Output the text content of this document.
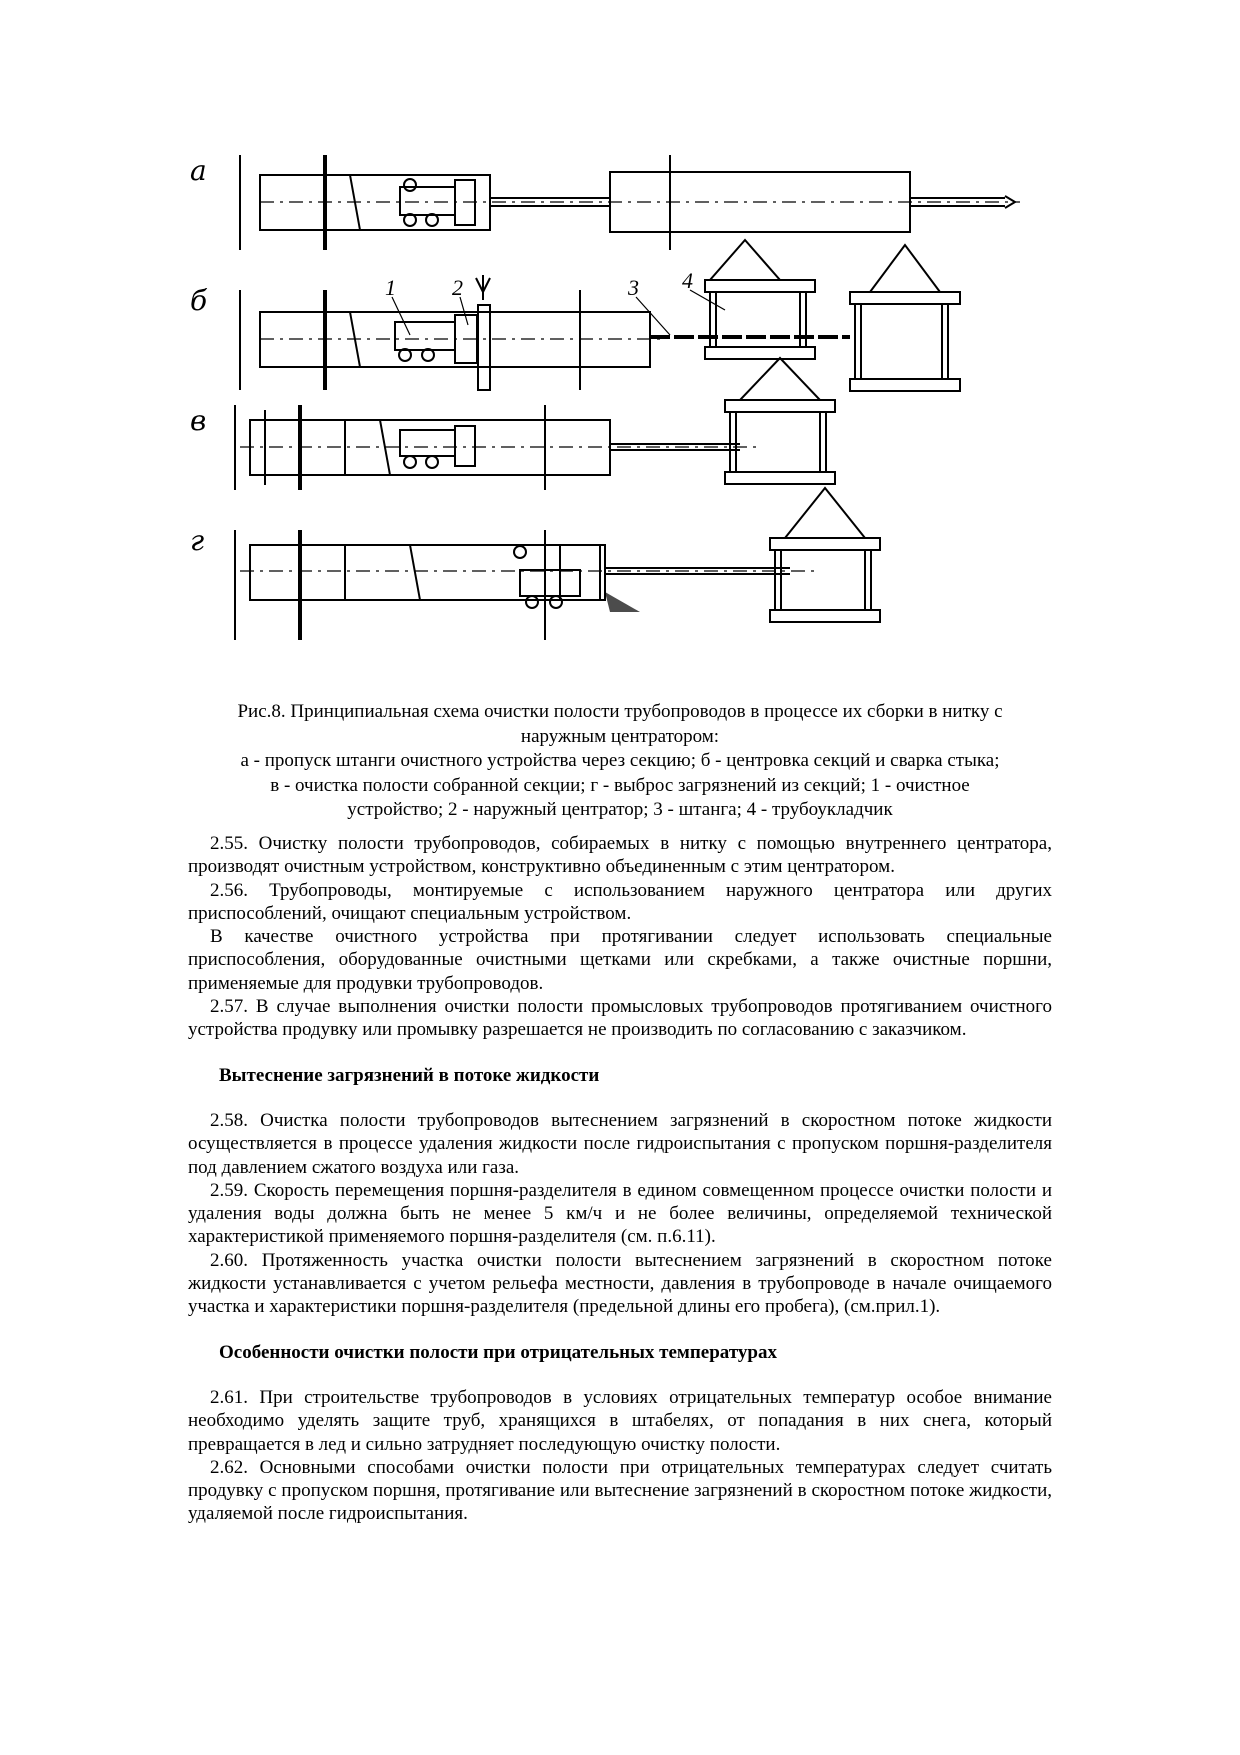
а
б	1	2	3 4
в
г
Рис.8. Принципиальная схема очистки полости трубопроводов в процессе их сборки в нитку с
наружным центратором:
а - пропуск штанги очистного устройства через секцию; б - центровка секций и сварка стыка;
в - очистка полости собранной секции; г - выброс загрязнений из секций; 1 - очистное
устройство; 2 - наружный центратор; 3 - штанга; 4 - трубоукладчик

2.55. Очистку полости трубопроводов, собираемых в нитку с помощью внутреннего центратора, производят очистным устройством, конструктивно объединенным с этим центратором.

2.56. Трубопроводы, монтируемые с использованием наружного центратора или других приспособлений, очищают специальным устройством.

В качестве очистного устройства при протягивании следует использовать специальные приспособления, оборудованные очистными щетками или скребками, а также очистные поршни, применяемые для продувки трубопроводов.

2.57. В случае выполнения очистки полости промысловых трубопроводов протягиванием очистного устройства продувку или промывку разрешается не производить по согласованию с заказчиком.

Вытеснение загрязнений в потоке жидкости

2.58. Очистка полости трубопроводов вытеснением загрязнений в скоростном потоке жидкости осуществляется в процессе удаления жидкости после гидроиспытания с пропуском поршня-разделителя под давлением сжатого воздуха или газа.

2.59. Скорость перемещения поршня-разделителя в едином совмещенном процессе очистки полости и удаления воды должна быть не менее 5 км/ч и не более величины, определяемой технической характеристикой применяемого поршня-разделителя (см. п.6.11).

2.60. Протяженность участка очистки полости вытеснением загрязнений в скоростном потоке жидкости устанавливается с учетом рельефа местности, давления в трубопроводе в начале очищаемого участка и характеристики поршня-разделителя (предельной длины его пробега), (см.прил.1).

Особенности очистки полости при отрицательных температурах

2.61. При строительстве трубопроводов в условиях отрицательных температур особое внимание необходимо уделять защите труб, хранящихся в штабелях, от попадания в них снега, который превращается в лед и сильно затрудняет последующую очистку полости.

2.62. Основными способами очистки полости при отрицательных температурах следует считать продувку с пропуском поршня, протягивание или вытеснение загрязнений в скоростном потоке жидкости, удаляемой после гидроиспытания.
